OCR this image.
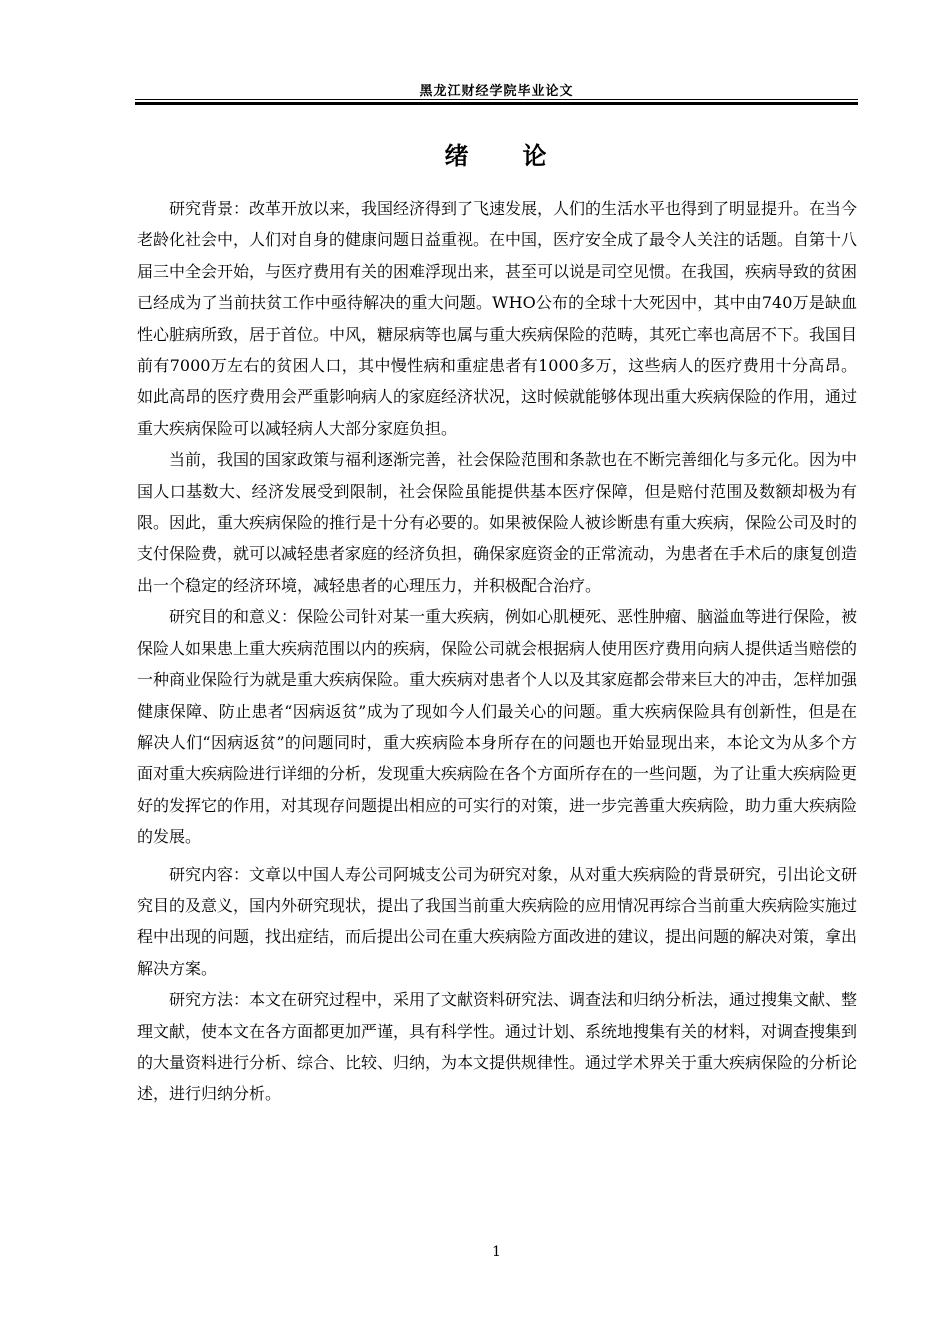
黑龙江财经学院毕业论文
绪　　论

研究背景：改革开放以来，我国经济得到了飞速发展，人们的生活水平也得到了明显提升。在当今老龄化社会中，人们对自身的健康问题日益重视。在中国，医疗安全成了最令人关注的话题。自第十八届三中全会开始，与医疗费用有关的困难浮现出来，甚至可以说是司空见惯。在我国，疾病导致的贫困已经成为了当前扶贫工作中亟待解决的重大问题。WHO公布的全球十大死因中，其中由740万是缺血性心脏病所致，居于首位。中风，糖尿病等也属与重大疾病保险的范畴，其死亡率也高居不下。我国目前有7000万左右的贫困人口，其中慢性病和重症患者有1000多万，这些病人的医疗费用十分高昂。如此高昂的医疗费用会严重影响病人的家庭经济状况，这时候就能够体现出重大疾病保险的作用，通过重大疾病保险可以减轻病人大部分家庭负担。

当前，我国的国家政策与福利逐渐完善，社会保险范围和条款也在不断完善细化与多元化。因为中国人口基数大、经济发展受到限制，社会保险虽能提供基本医疗保障，但是赔付范围及数额却极为有限。因此，重大疾病保险的推行是十分有必要的。如果被保险人被诊断患有重大疾病，保险公司及时的支付保险费，就可以减轻患者家庭的经济负担，确保家庭资金的正常流动，为患者在手术后的康复创造出一个稳定的经济环境，减轻患者的心理压力，并积极配合治疗。

研究目的和意义：保险公司针对某一重大疾病，例如心肌梗死、恶性肿瘤、脑溢血等进行保险，被保险人如果患上重大疾病范围以内的疾病，保险公司就会根据病人使用医疗费用向病人提供适当赔偿的一种商业保险行为就是重大疾病保险。重大疾病对患者个人以及其家庭都会带来巨大的冲击，怎样加强健康保障、防止患者“因病返贫”成为了现如今人们最关心的问题。重大疾病保险具有创新性，但是在解决人们“因病返贫”的问题同时，重大疾病险本身所存在的问题也开始显现出来，本论文为从多个方面对重大疾病险进行详细的分析，发现重大疾病险在各个方面所存在的一些问题，为了让重大疾病险更好的发挥它的作用，对其现存问题提出相应的可实行的对策，进一步完善重大疾病险，助力重大疾病险的发展。

研究内容：文章以中国人寿公司阿城支公司为研究对象，从对重大疾病险的背景研究，引出论文研究目的及意义，国内外研究现状，提出了我国当前重大疾病险的应用情况再综合当前重大疾病险实施过程中出现的问题，找出症结，而后提出公司在重大疾病险方面改进的建议，提出问题的解决对策，拿出解决方案。

研究方法：本文在研究过程中，采用了文献资料研究法、调查法和归纳分析法，通过搜集文献、整理文献，使本文在各方面都更加严谨，具有科学性。通过计划、系统地搜集有关的材料，对调查搜集到的大量资料进行分析、综合、比较、归纳，为本文提供规律性。通过学术界关于重大疾病保险的分析论述，进行归纳分析。

1
